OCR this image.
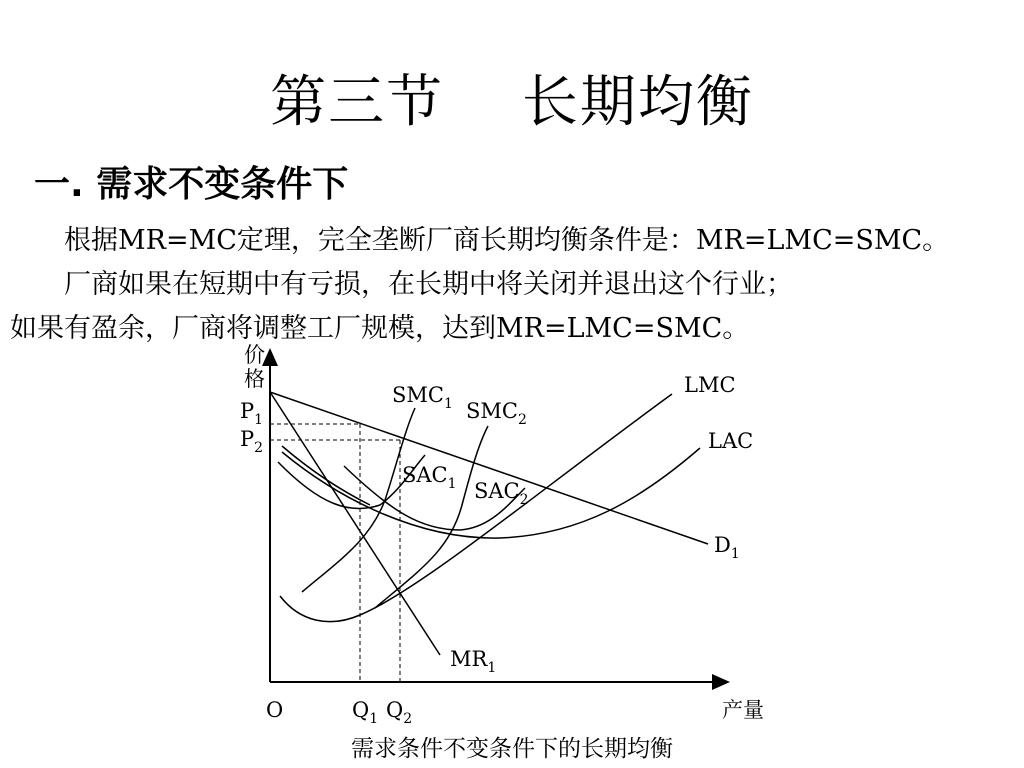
第三节 　长期均衡
一. 需求不变条件下
根据MR=MC定理，完全垄断厂商长期均衡条件是：MR=LMC=SMC。
厂商如果在短期中有亏损，在长期中将关闭并退出这个行业；
如果有盈余，厂商将调整工厂规模，达到MR=LMC=SMC。
价
格
产量
O
P1
P2
Q1 Q2
SMC1 SMC2
SAC1 SAC2
LMC
LAC
D1
MR1
需求条件不变条件下的长期均衡
